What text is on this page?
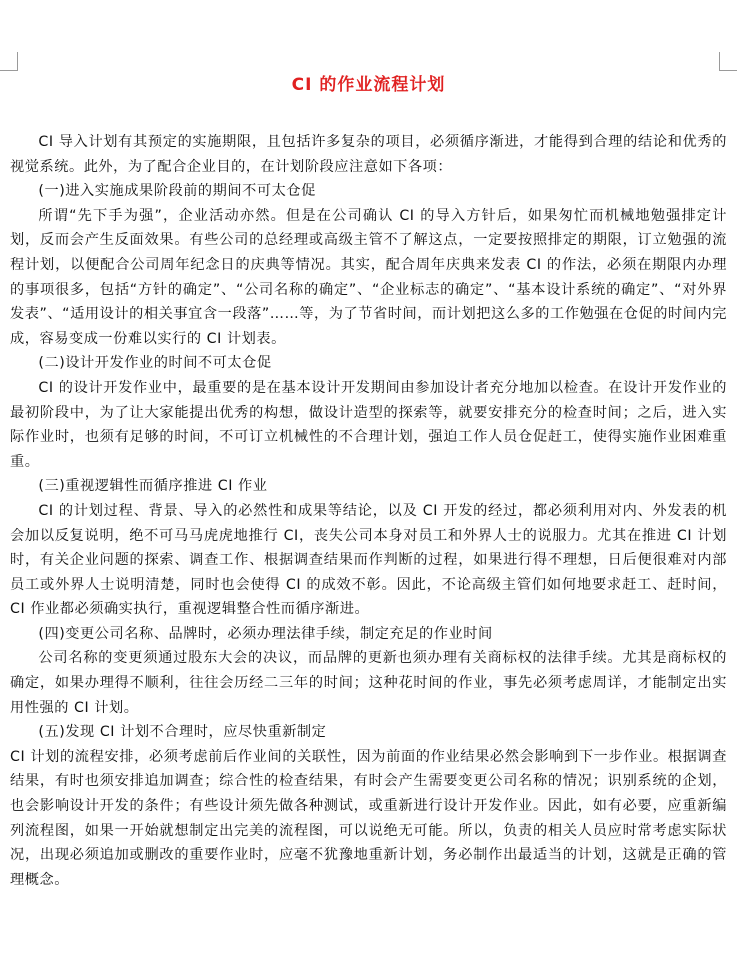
CI 的作业流程计划

CI 导入计划有其预定的实施期限，且包括许多复杂的项目，必须循序渐进，才能得到合理的结论和优秀的视觉系统。此外，为了配合企业目的，在计划阶段应注意如下各项：

(一)进入实施成果阶段前的期间不可太仓促

所谓“先下手为强”，企业活动亦然。但是在公司确认 CI 的导入方针后，如果匆忙而机械地勉强排定计划，反而会产生反面效果。有些公司的总经理或高级主管不了解这点，一定要按照排定的期限，订立勉强的流程计划，以便配合公司周年纪念日的庆典等情况。其实，配合周年庆典来发表 CI 的作法，必须在期限内办理的事项很多，包括“方针的确定”、“公司名称的确定”、“企业标志的确定”、“基本设计系统的确定”、“对外界发表”、“适用设计的相关事宜含一段落”……等，为了节省时间，而计划把这么多的工作勉强在仓促的时间内完成，容易变成一份难以实行的 CI 计划表。

(二)设计开发作业的时间不可太仓促

CI 的设计开发作业中，最重要的是在基本设计开发期间由参加设计者充分地加以检查。在设计开发作业的最初阶段中，为了让大家能提出优秀的构想，做设计造型的探索等，就要安排充分的检查时间；之后，进入实际作业时，也须有足够的时间，不可订立机械性的不合理计划，强迫工作人员仓促赶工，使得实施作业困难重重。

(三)重视逻辑性而循序推进 CI 作业

CI 的计划过程、背景、导入的必然性和成果等结论，以及 CI 开发的经过，都必须利用对内、外发表的机会加以反复说明，绝不可马马虎虎地推行 CI，丧失公司本身对员工和外界人士的说服力。尤其在推进 CI 计划时，有关企业问题的探索、调查工作、根据调查结果而作判断的过程，如果进行得不理想，日后便很难对内部员工或外界人士说明清楚，同时也会使得 CI 的成效不彰。因此，不论高级主管们如何地要求赶工、赶时间，CI 作业都必须确实执行，重视逻辑整合性而循序渐进。

(四)变更公司名称、品牌时，必须办理法律手续，制定充足的作业时间

公司名称的变更须通过股东大会的决议，而品牌的更新也须办理有关商标权的法律手续。尤其是商标权的确定，如果办理得不顺利，往往会历经二三年的时间；这种花时间的作业，事先必须考虑周详，才能制定出实用性强的 CI 计划。

(五)发现 CI 计划不合理时，应尽快重新制定

CI 计划的流程安排，必须考虑前后作业间的关联性，因为前面的作业结果必然会影响到下一步作业。根据调查结果，有时也须安排追加调查；综合性的检查结果，有时会产生需要变更公司名称的情况；识别系统的企划，也会影响设计开发的条件；有些设计须先做各种测试，或重新进行设计开发作业。因此，如有必要，应重新编列流程图，如果一开始就想制定出完美的流程图，可以说绝无可能。所以，负责的相关人员应时常考虑实际状况，出现必须追加或删改的重要作业时，应毫不犹豫地重新计划，务必制作出最适当的计划，这就是正确的管理概念。
